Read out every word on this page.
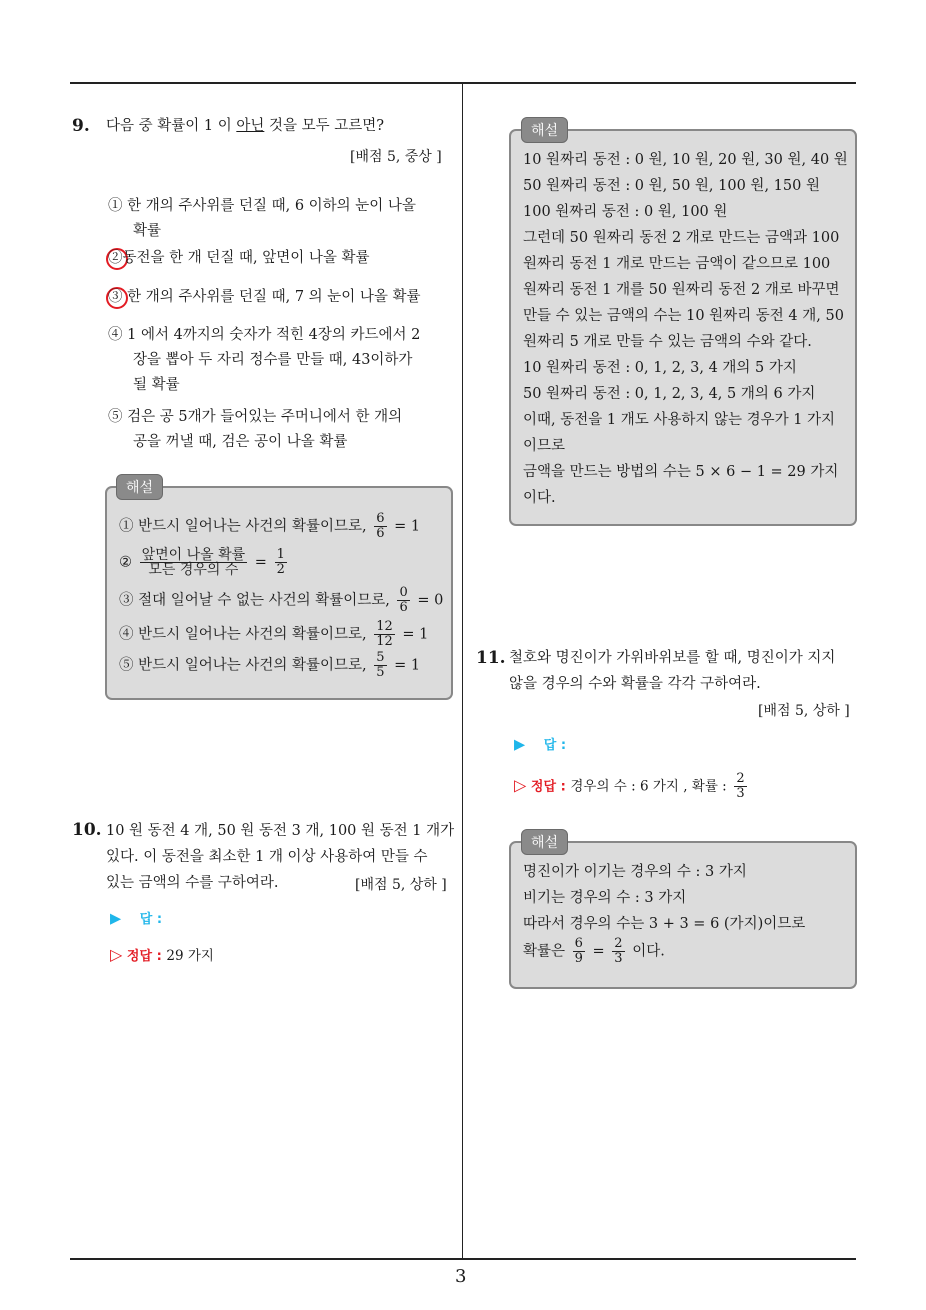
3
9. 다음 중 확률이 1 이 아닌 것을 모두 고르면?
[배점 5, 중상 ]
① 한 개의 주사위를 던질 때, 6 이하의 눈이 나올
확률
②동전을 한 개 던질 때, 앞면이 나올 확률
③ 한 개의 주사위를 던질 때, 7 의 눈이 나올 확률
④ 1 에서 4까지의 숫자가 적힌 4장의 카드에서 2
장을 뽑아 두 자리 정수를 만들 때, 43이하가
될 확률
⑤ 검은 공 5개가 들어있는 주머니에서 한 개의
공을 꺼낼 때, 검은 공이 나올 확률
① 반드시 일어나는 사건의 확률이므로, $\frac{6}{6} = 1$
② $\frac{\text{앞면이 나올 확률}}{\text{모든 경우의 수}} = \frac{1}{2}$
③ 절대 일어날 수 없는 사건의 확률이므로, $\frac{0}{6} = 0$
④ 반드시 일어나는 사건의 확률이므로, $\frac{12}{12} = 1$
⑤ 반드시 일어나는 사건의 확률이므로, $\frac{5}{5} = 1$
해설
10. 10 원 동전 4 개, 50 원 동전 3 개, 100 원 동전 1 개가
있다. 이 동전을 최소한 1 개 이상 사용하여 만들 수
있는 금액의 수를 구하여라.	[배점 5, 상하 ]
▶ 답 :
▷ 정답 : 29 가지
10 원짜리 동전 : 0 원, 10 원, 20 원, 30 원, 40 원
50 원짜리 동전 : 0 원, 50 원, 100 원, 150 원
100 원짜리 동전 : 0 원, 100 원
그런데 50 원짜리 동전 2 개로 만드는 금액과 100
원짜리 동전 1 개로 만드는 금액이 같으므로 100
원짜리 동전 1 개를 50 원짜리 동전 2 개로 바꾸면
만들 수 있는 금액의 수는 10 원짜리 동전 4 개, 50
원짜리 5 개로 만들 수 있는 금액의 수와 같다.
10 원짜리 동전 : 0, 1, 2, 3, 4 개의 5 가지
50 원짜리 동전 : 0, 1, 2, 3, 4, 5 개의 6 가지
이때, 동전을 1 개도 사용하지 않는 경우가 1 가지
이므로
금액을 만드는 방법의 수는 5 × 6 − 1 = 29 가지
이다.
해설
11. 철호와 명진이가 가위바위보를 할 때, 명진이가 지지
않을 경우의 수와 확률을 각각 구하여라.
[배점 5, 상하 ]
▶ 답 :
▷ 정답 : 경우의 수 : 6 가지 , 확률 : $\frac{2}{3}$
명진이가 이기는 경우의 수 : 3 가지
비기는 경우의 수 : 3 가지
따라서 경우의 수는 3 + 3 = 6 (가지)이므로
확률은 $\frac{6}{9} = \frac{2}{3}$ 이다.
해설
